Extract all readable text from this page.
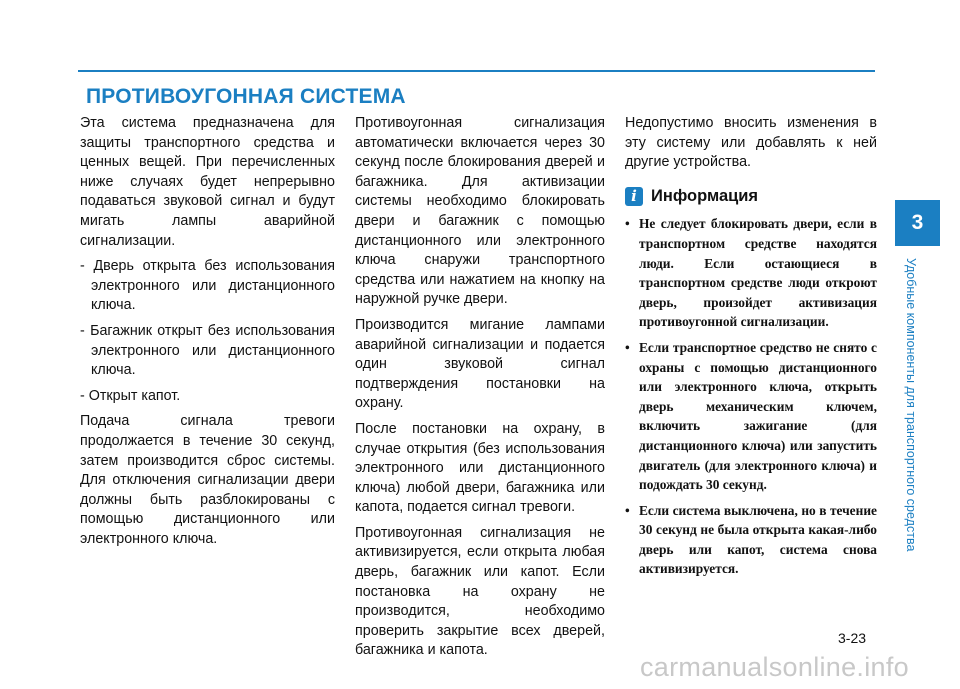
ПРОТИВОУГОННАЯ СИСТЕМА

Эта система предназначена для защиты транспортного средства и ценных вещей. При перечисленных ниже случаях будет непрерывно подаваться звуковой сигнал и будут мигать лампы аварийной сигнализации.

- Дверь открыта без использования электронного или дистанционного ключа.
- Багажник открыт без использования электронного или дистанционного ключа.
- Открыт капот.

Подача сигнала тревоги продолжается в течение 30 секунд, затем производится сброс системы. Для отключения сигнализации двери должны быть разблокированы с помощью дистанционного или электронного ключа.

Противоугонная сигнализация автоматически включается через 30 секунд после блокирования дверей и багажника. Для активизации системы необходимо блокировать двери и багажник с помощью дистанционного или электронного ключа снаружи транспортного средства или нажатием на кнопку на наружной ручке двери.

Производится мигание лампами аварийной сигнализации и подается один звуковой сигнал подтверждения постановки на охрану.

После постановки на охрану, в случае открытия (без использования электронного или дистанционного ключа) любой двери, багажника или капота, подается сигнал тревоги.

Противоугонная сигнализация не активизируется, если открыта любая дверь, багажник или капот. Если постановка на охрану не производится, необходимо проверить закрытие всех дверей, багажника и капота.

Недопустимо вносить изменения в эту систему или добавлять к ней другие устройства.

i Информация
• Не следует блокировать двери, если в транспортном средстве находятся люди. Если остающиеся в транспортном средстве люди откроют дверь, произойдет активизация противоугонной сигнализации.
• Если транспортное средство не снято с охраны с помощью дистанционного или электронного ключа, открыть дверь механическим ключем, включить зажигание (для дистанционного ключа) или запустить двигатель (для электронного ключа) и подождать 30 секунд.
• Если система выключена, но в течение 30 секунд не была открыта какая-либо дверь или капот, система снова активизируется.
3
Удобные компоненты для транспортного средства
3-23
carmanualsonline.info
